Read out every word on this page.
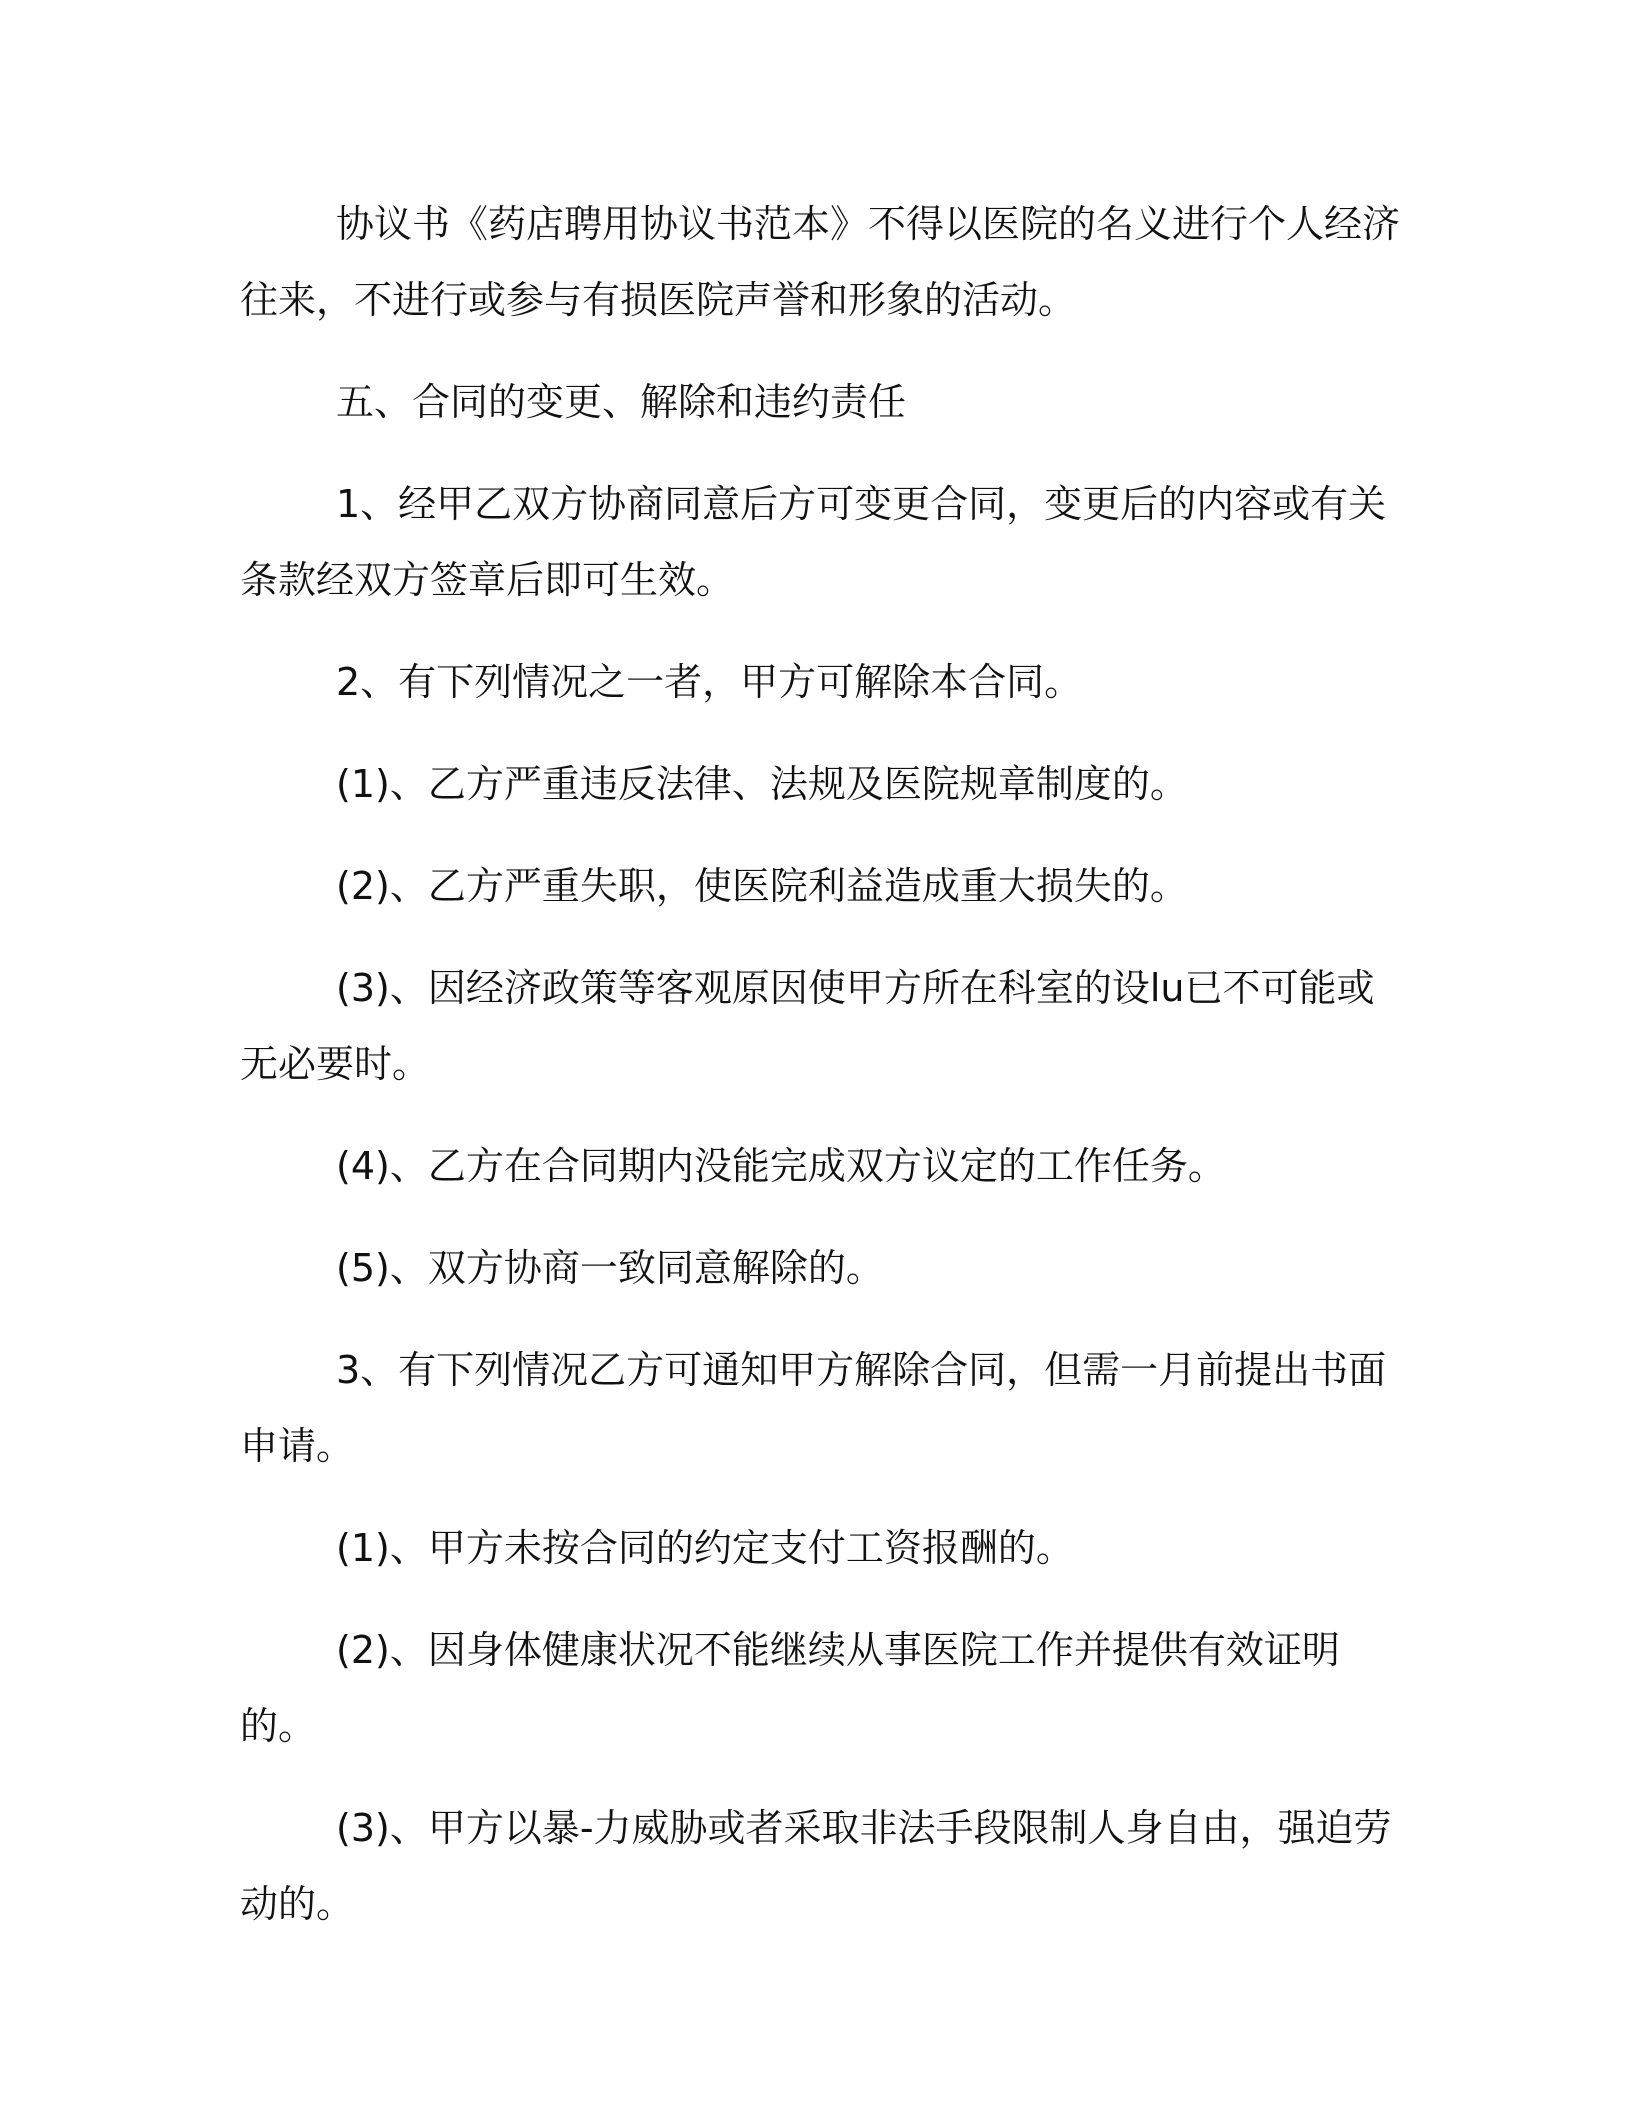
协议书《药店聘用协议书范本》不得以医院的名义进行个人经济往来，不进行或参与有损医院声誉和形象的活动。

五、合同的变更、解除和违约责任

1、经甲乙双方协商同意后方可变更合同，变更后的内容或有关条款经双方签章后即可生效。

2、有下列情况之一者，甲方可解除本合同。

(1)、乙方严重违反法律、法规及医院规章制度的。

(2)、乙方严重失职，使医院利益造成重大损失的。

(3)、因经济政策等客观原因使甲方所在科室的设lu已不可能或无必要时。

(4)、乙方在合同期内没能完成双方议定的工作任务。

(5)、双方协商一致同意解除的。

3、有下列情况乙方可通知甲方解除合同，但需一月前提出书面申请。

(1)、甲方未按合同的约定支付工资报酬的。

(2)、因身体健康状况不能继续从事医院工作并提供有效证明的。

(3)、甲方以暴-力威胁或者采取非法手段限制人身自由，强迫劳动的。
